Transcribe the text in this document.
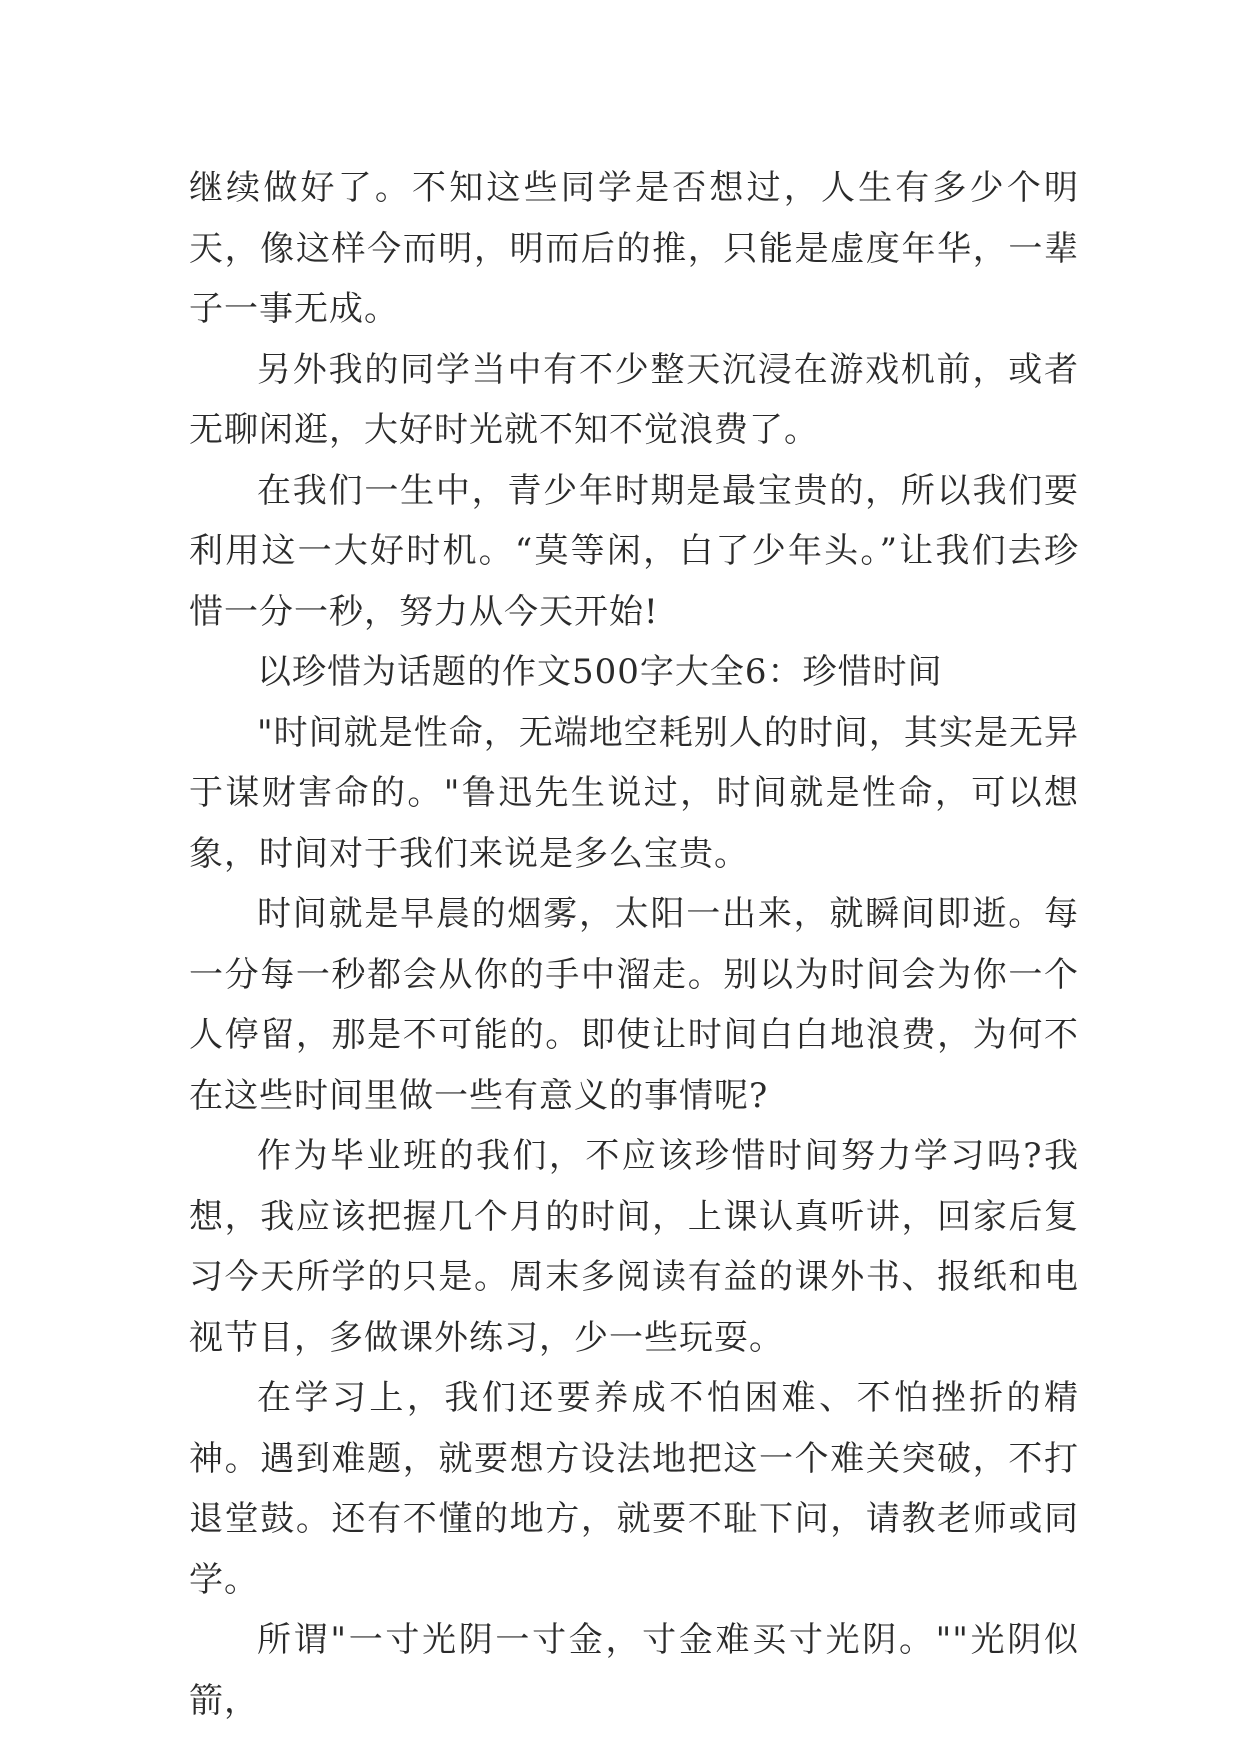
继续做好了。不知这些同学是否想过，人生有多少个明天，像这样今而明，明而后的推，只能是虚度年华，一辈子一事无成。

另外我的同学当中有不少整天沉浸在游戏机前，或者无聊闲逛，大好时光就不知不觉浪费了。

在我们一生中，青少年时期是最宝贵的，所以我们要利用这一大好时机。“莫等闲，白了少年头。”让我们去珍惜一分一秒，努力从今天开始!

以珍惜为话题的作文500字大全6：珍惜时间

"时间就是性命，无端地空耗别人的时间，其实是无异于谋财害命的。"鲁迅先生说过，时间就是性命，可以想象，时间对于我们来说是多么宝贵。

时间就是早晨的烟雾，太阳一出来，就瞬间即逝。每一分每一秒都会从你的手中溜走。别以为时间会为你一个人停留，那是不可能的。即使让时间白白地浪费，为何不在这些时间里做一些有意义的事情呢?

作为毕业班的我们，不应该珍惜时间努力学习吗?我想，我应该把握几个月的时间，上课认真听讲，回家后复习今天所学的只是。周末多阅读有益的课外书、报纸和电视节目，多做课外练习，少一些玩耍。

在学习上，我们还要养成不怕困难、不怕挫折的精神。遇到难题，就要想方设法地把这一个难关突破，不打退堂鼓。还有不懂的地方，就要不耻下问，请教老师或同学。

所谓"一寸光阴一寸金，寸金难买寸光阴。""光阴似箭，
